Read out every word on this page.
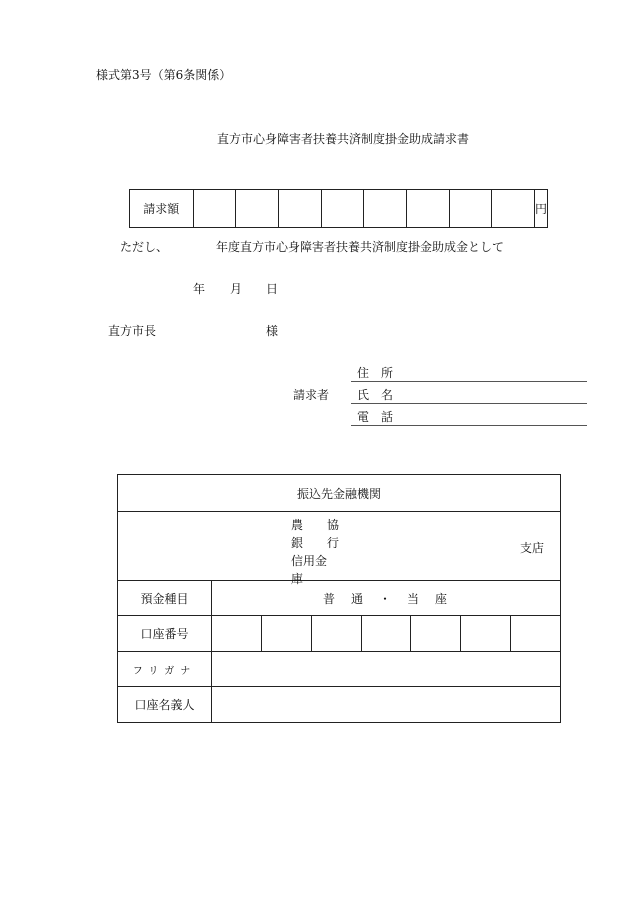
様式第3号（第6条関係）
直方市心身障害者扶養共済制度掛金助成請求書
請求額	円
ただし、	年度直方市心身障害者扶養共済制度掛金助成金として
年 月 日
直方市長	様
請求者
住　所
氏　名
電　話
振込先金融機関
農 協
銀 行
信用金
庫
支店
預金種目	普　通　・　当　座
口座番号
フリガナ
口座名義人
